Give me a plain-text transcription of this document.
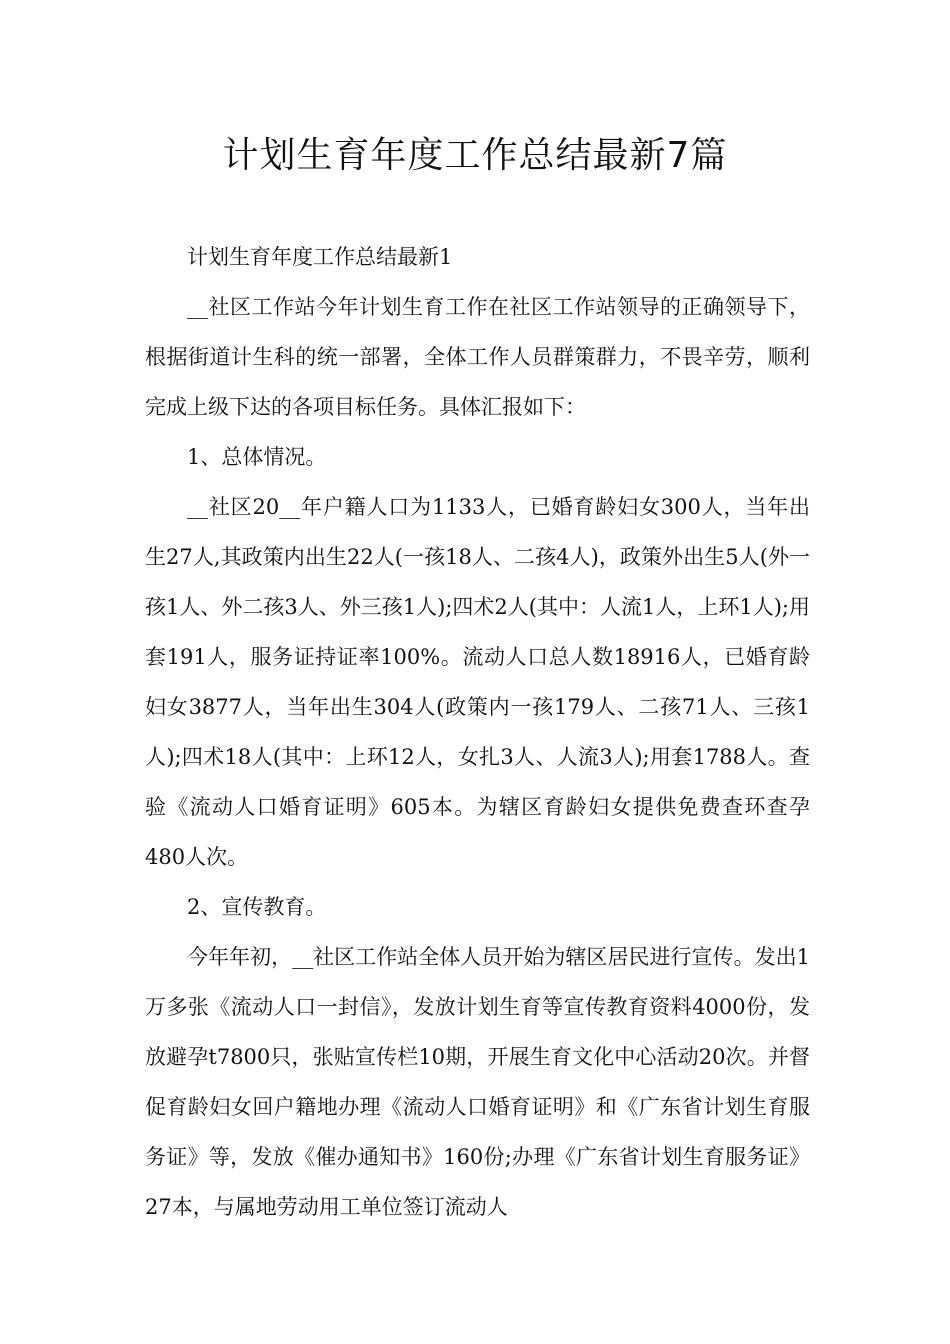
计划生育年度工作总结最新7篇

计划生育年度工作总结最新1

__社区工作站今年计划生育工作在社区工作站领导的正确领导下，根据街道计生科的统一部署，全体工作人员群策群力，不畏辛劳，顺利完成上级下达的各项目标任务。具体汇报如下：

1、总体情况。

__社区20__年户籍人口为1133人，已婚育龄妇女300人，当年出生27人,其政策内出生22人(一孩18人、二孩4人)，政策外出生5人(外一孩1人、外二孩3人、外三孩1人);四术2人(其中：人流1人，上环1人);用套191人，服务证持证率100%。流动人口总人数18916人，已婚育龄妇女3877人，当年出生304人(政策内一孩179人、二孩71人、三孩1人);四术18人(其中：上环12人，女扎3人、人流3人);用套1788人。查验《流动人口婚育证明》605本。为辖区育龄妇女提供免费查环查孕480人次。

2、宣传教育。

今年年初，__社区工作站全体人员开始为辖区居民进行宣传。发出1万多张《流动人口一封信》，发放计划生育等宣传教育资料4000份，发放避孕t7800只，张贴宣传栏10期，开展生育文化中心活动20次。并督促育龄妇女回户籍地办理《流动人口婚育证明》和《广东省计划生育服务证》等，发放《催办通知书》160份;办理《广东省计划生育服务证》27本，与属地劳动用工单位签订流动人
